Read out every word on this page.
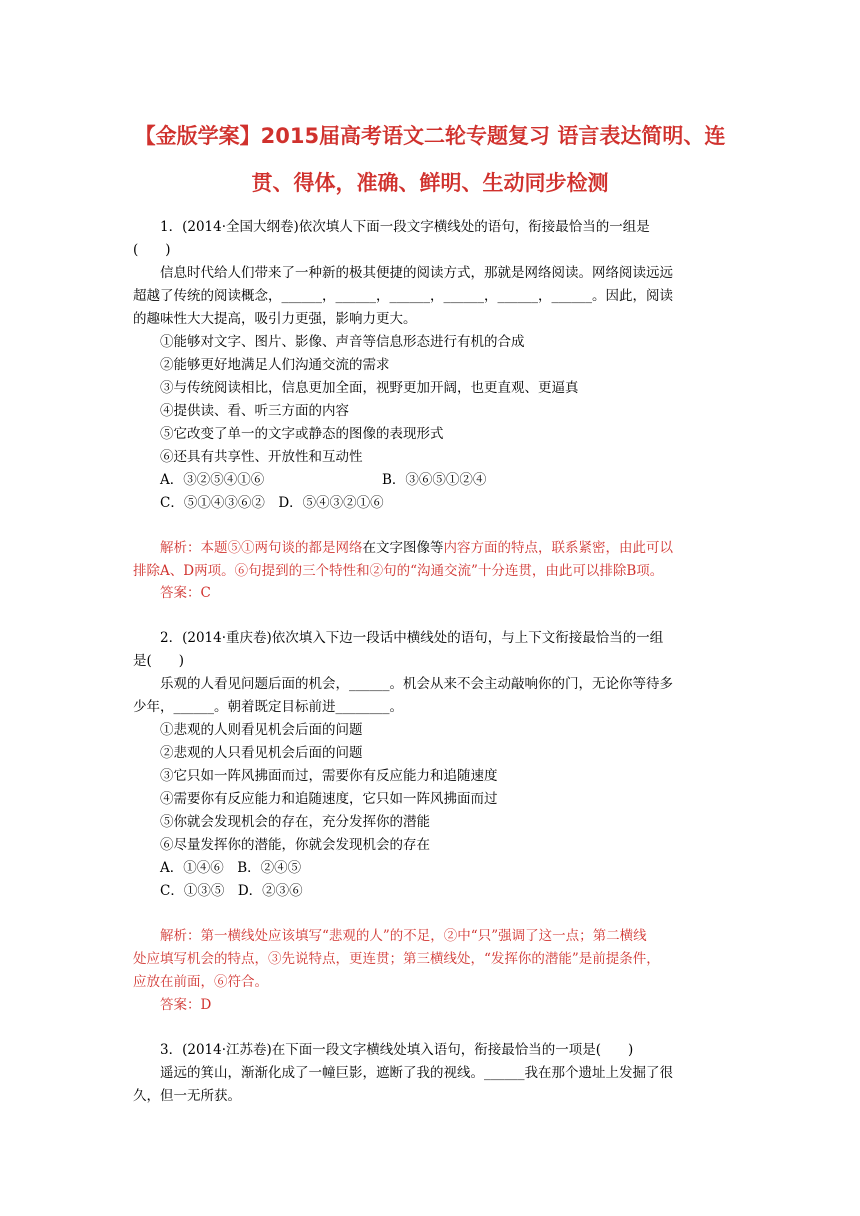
【金版学案】2015届高考语文二轮专题复习 语言表达简明、连
贯、得体，准确、鲜明、生动同步检测
1．(2014·全国大纲卷)依次填人下面一段文字横线处的语句，衔接最恰当的一组是
(　　)
信息时代给人们带来了一种新的极其便捷的阅读方式，那就是网络阅读。网络阅读远远
超越了传统的阅读概念，______，______，______，______，______，______。因此，阅读
的趣味性大大提高，吸引力更强，影响力更大。
①能够对文字、图片、影像、声音等信息形态进行有机的合成
②能够更好地满足人们沟通交流的需求
③与传统阅读相比，信息更加全面，视野更加开阔，也更直观、更逼真
④提供读、看、听三方面的内容
⑤它改变了单一的文字或静态的图像的表现形式
⑥还具有共享性、开放性和互动性
A．③②⑤④①⑥	B．③⑥⑤①②④
C．⑤①④③⑥②　D．⑤④③②①⑥
解析：本题⑤①两句谈的都是网络在文字图像等内容方面的特点，联系紧密，由此可以
排除A、D两项。⑥句提到的三个特性和②句的“沟通交流”十分连贯，由此可以排除B项。
答案：C
2．(2014·重庆卷)依次填入下边一段话中横线处的语句，与上下文衔接最恰当的一组
是(　　)
乐观的人看见问题后面的机会，______。机会从来不会主动敲响你的门，无论你等待多
少年，______。朝着既定目标前进________。
①悲观的人则看见机会后面的问题
②悲观的人只看见机会后面的问题
③它只如一阵风拂面而过，需要你有反应能力和追随速度
④需要你有反应能力和追随速度，它只如一阵风拂面而过
⑤你就会发现机会的存在，充分发挥你的潜能
⑥尽量发挥你的潜能，你就会发现机会的存在
A．①④⑥　B．②④⑤
C．①③⑤　D．②③⑥
解析：第一横线处应该填写“悲观的人”的不足，②中“只”强调了这一点；第二横线
处应填写机会的特点，③先说特点，更连贯；第三横线处，“发挥你的潜能”是前提条件，
应放在前面，⑥符合。
答案：D
3．(2014·江苏卷)在下面一段文字横线处填入语句，衔接最恰当的一项是(　　)
遥远的箕山，渐渐化成了一幢巨影，遮断了我的视线。______我在那个遗址上发掘了很
久，但一无所获。
